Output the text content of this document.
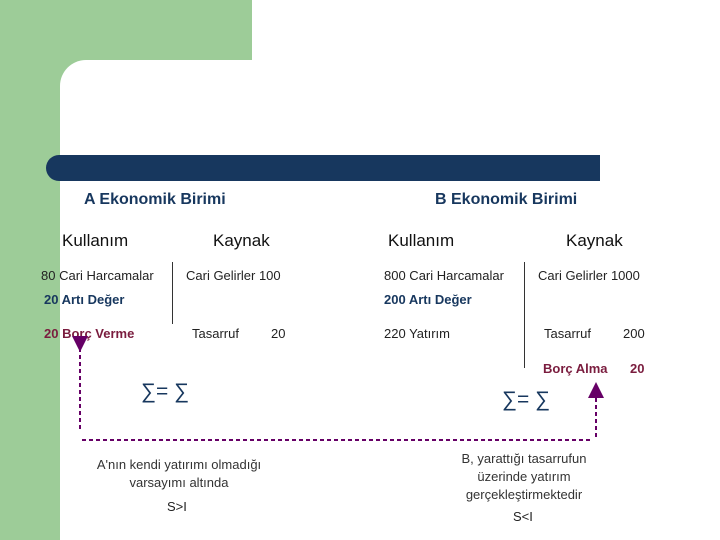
A Ekonomik Birimi
Kullanım	Kaynak
80 Cari Harcamalar
20 Artı Değer
20 Borç Verme
Cari Gelirler 100
Tasarruf 20
∑= ∑
A'nın kendi yatırımı olmadığı varsayımı altında
S>I
B Ekonomik Birimi
Kullanım	Kaynak
800 Cari Harcamalar
200 Artı Değer
220 Yatırım
Cari Gelirler 1000
Tasarruf 200
Borç Alma 20
∑= ∑
B, yarattığı tasarrufun üzerinde yatırım gerçekleştirmektedir
S<I
